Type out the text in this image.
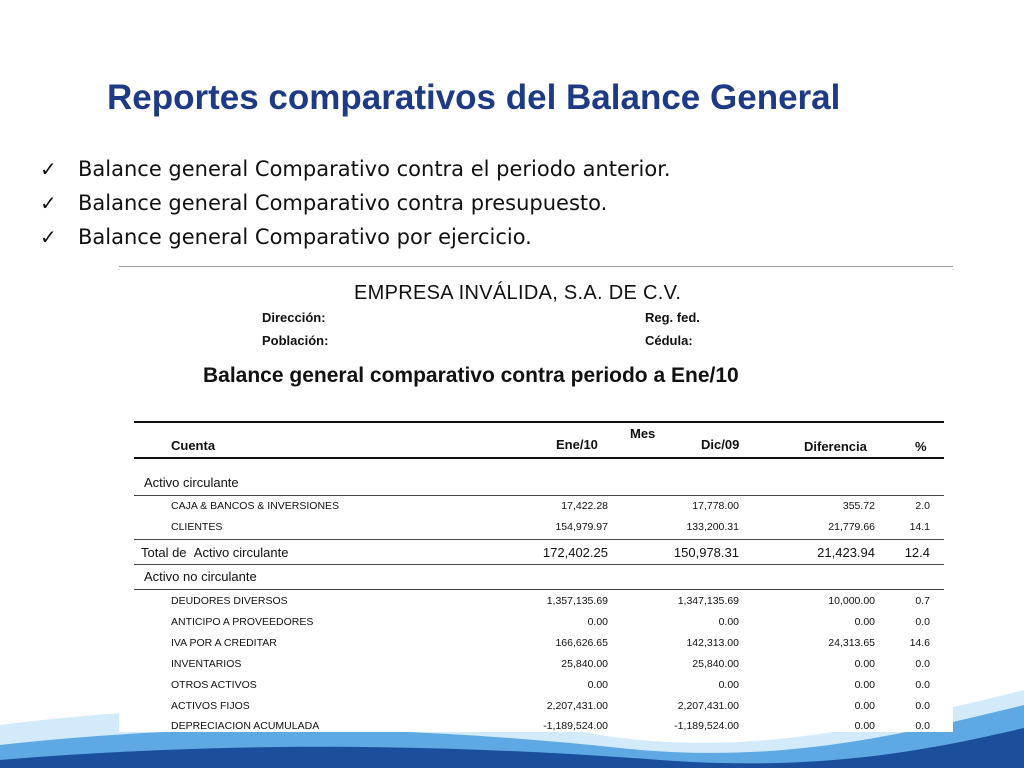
Reportes comparativos del Balance General
✓ Balance general Comparativo contra el periodo anterior.
✓ Balance general Comparativo contra presupuesto.
✓ Balance general Comparativo por ejercicio.
EMPRESA INVÁLIDA, S.A. DE C.V.
Dirección:
Población:
Reg. fed.
Cédula:
Balance general comparativo contra periodo a Ene/10
Mes
Cuenta	Ene/10	Dic/09	Diferencia	%
Activo circulante
CAJA & BANCOS & INVERSIONES	17,422.28	17,778.00	355.72	2.0
CLIENTES	154,979.97	133,200.31	21,779.66	14.1
Total de Activo circulante	172,402.25	150,978.31	21,423.94 12.4
Activo no circulante
DEUDORES DIVERSOS	1,357,135.69	1,347,135.69	10,000.00	0.7
ANTICIPO A PROVEEDORES	0.00	0.00	0.00	0.0
IVA POR A CREDITAR	166,626.65	142,313.00	24,313.65	14.6
INVENTARIOS	25,840.00	25,840.00	0.00	0.0
OTROS ACTIVOS	0.00	0.00	0.00	0.0
ACTIVOS FIJOS	2,207,431.00	2,207,431.00	0.00	0.0
DEPRECIACION ACUMULADA	-1,189,524.00	-1,189,524.00	0.00	0.0
